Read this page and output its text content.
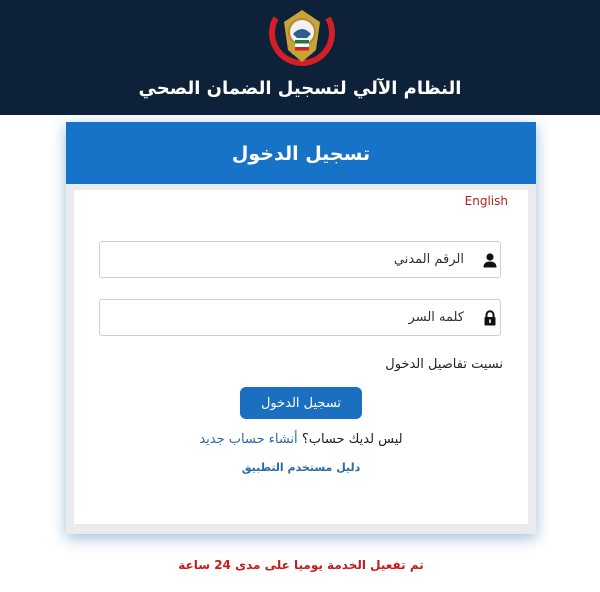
النظام الآلي لتسجيل الضمان الصحي
تسجيل الدخول
English
الرقم المدني
نسيت تفاصيل الدخول
تسجيل الدخول
ليس لديك حساب؟ أنشاء حساب جديد
دليل مستخدم التطبيق
تم تفعيل الخدمة يوميا على مدى 24 ساعة
